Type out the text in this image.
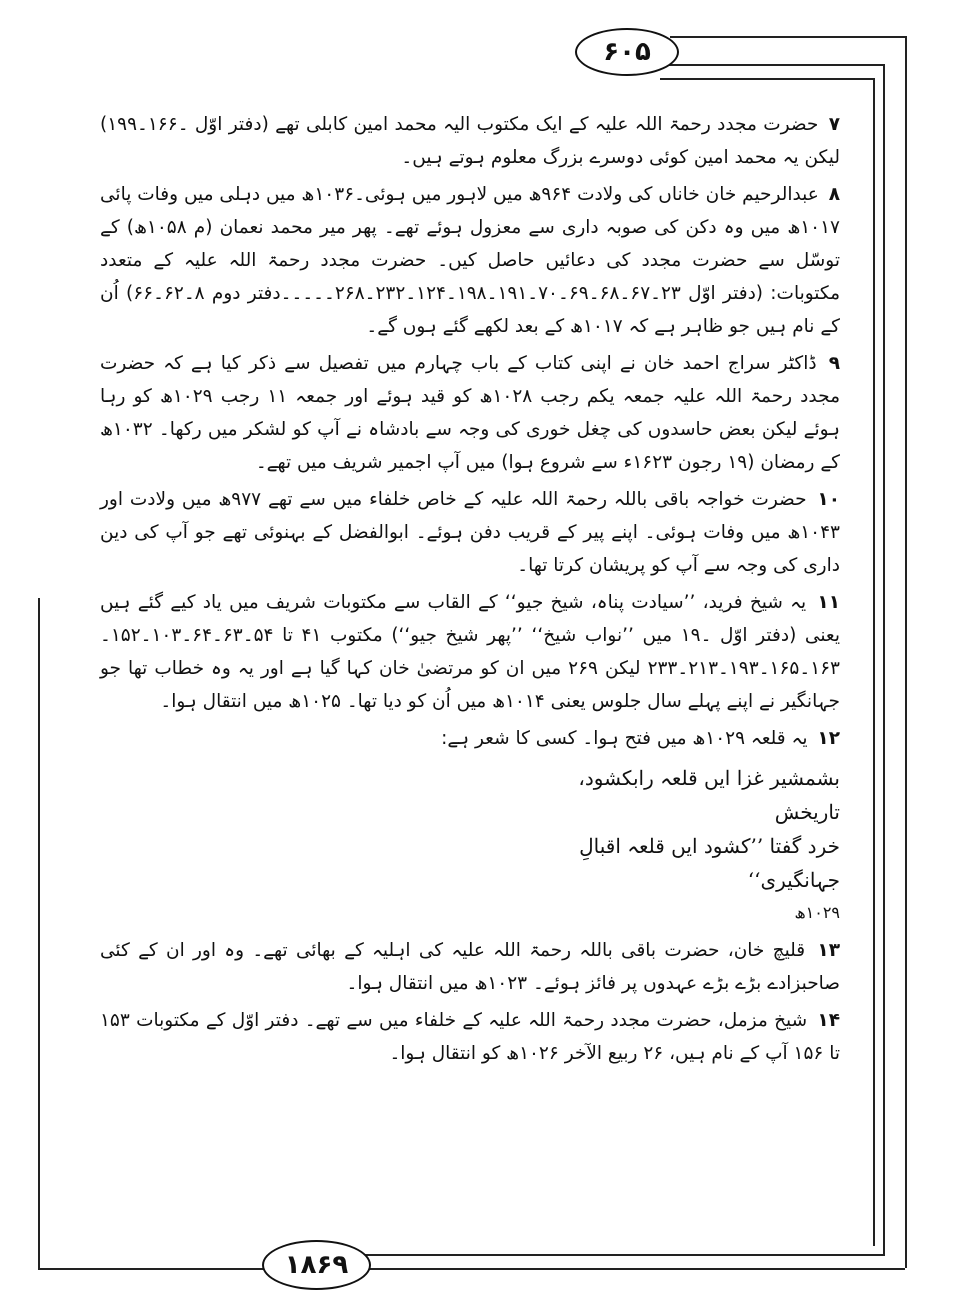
۶۰۵
۱۸۶۹

۷ حضرت مجدد رحمۃ اللہ علیہ کے ایک مکتوب الیہ محمد امین کابلی تھے (دفتر اوّل ۔۱۶۶۔۱۹۹) لیکن یہ محمد امین کوئی دوسرے بزرگ معلوم ہوتے ہیں۔

۸ عبدالرحیم خان خاناں کی ولادت ۹۶۴ھ میں لاہور میں ہوئی۔۱۰۳۶ھ میں دہلی میں وفات پائی ۱۰۱۷ھ میں وہ دکن کی صوبہ داری سے معزول ہوئے تھے۔ پھر میر محمد نعمان (م ۱۰۵۸ھ) کے توسّل سے حضرت مجدد کی دعائیں حاصل کیں۔ حضرت مجدد رحمۃ اللہ علیہ کے متعدد مکتوبات: (دفتر اوّل ۲۳۔۶۷۔۶۸۔۶۹۔۷۰۔۱۹۱۔۱۹۸۔۱۲۴۔۲۳۲۔۲۶۸۔۔۔۔۔دفتر دوم ۸۔۶۲۔۶۶) اُن کے نام ہیں جو ظاہر ہے کہ ۱۰۱۷ھ کے بعد لکھے گئے ہوں گے۔

۹ ڈاکٹر سراج احمد خان نے اپنی کتاب کے باب چہارم میں تفصیل سے ذکر کیا ہے کہ حضرت مجدد رحمۃ اللہ علیہ جمعہ یکم رجب ۱۰۲۸ھ کو قید ہوئے اور جمعہ ۱۱ رجب ۱۰۲۹ھ کو رہا ہوئے لیکن بعض حاسدوں کی چغل خوری کی وجہ سے بادشاہ نے آپ کو لشکر میں رکھا۔ ۱۰۳۲ھ کے رمضان (۱۹ رجون ۱۶۲۳ء سے شروع ہوا) میں آپ اجمیر شریف میں تھے۔

۱۰ حضرت خواجہ باقی باللہ رحمۃ اللہ علیہ کے خاص خلفاء میں سے تھے ۹۷۷ھ میں ولادت اور ۱۰۴۳ھ میں وفات ہوئی۔ اپنے پیر کے قریب دفن ہوئے۔ ابوالفضل کے بہنوئی تھے جو آپ کی دین داری کی وجہ سے آپ کو پریشان کرتا تھا۔

۱۱ یہ شیخ فرید، ’’سیادت پناہ، شیخ جیو‘‘ کے القاب سے مکتوبات شریف میں یاد کیے گئے ہیں یعنی (دفتر اوّل ۔۱۹ میں ’’نواب شیخ‘‘ ’’پھر شیخ جیو‘‘) مکتوب ۴۱ تا ۵۴۔۶۳۔۶۴۔۱۰۳۔۱۵۲۔۱۶۳۔۱۶۵۔۱۹۳۔۲۱۳۔۲۳۳ لیکن ۲۶۹ میں ان کو مرتضیٰ خان کہا گیا ہے اور یہ وہ خطاب تھا جو جہانگیر نے اپنے پہلے سال جلوس یعنی ۱۰۱۴ھ میں اُن کو دیا تھا۔ ۱۰۲۵ھ میں انتقال ہوا۔

۱۲ یہ قلعہ ۱۰۲۹ھ میں فتح ہوا۔ کسی کا شعر ہے:

بشمشیر غزا ایں قلعہ رابکشود، تاریخش
خرد گفتا ’’کشود ایں قلعہ اقبالِ جہانگیری‘‘
۱۰۲۹ھ

۱۳ قلیچ خان، حضرت باقی باللہ رحمۃ اللہ علیہ کی اہلیہ کے بھائی تھے۔ وہ اور ان کے کئی صاحبزادے بڑے بڑے عہدوں پر فائز ہوئے۔ ۱۰۲۳ھ میں انتقال ہوا۔

۱۴ شیخ مزمل، حضرت مجدد رحمۃ اللہ علیہ کے خلفاء میں سے تھے۔ دفتر اوّل کے مکتوبات ۱۵۳ تا ۱۵۶ آپ کے نام ہیں، ۲۶ ربیع الآخر ۱۰۲۶ھ کو انتقال ہوا۔
